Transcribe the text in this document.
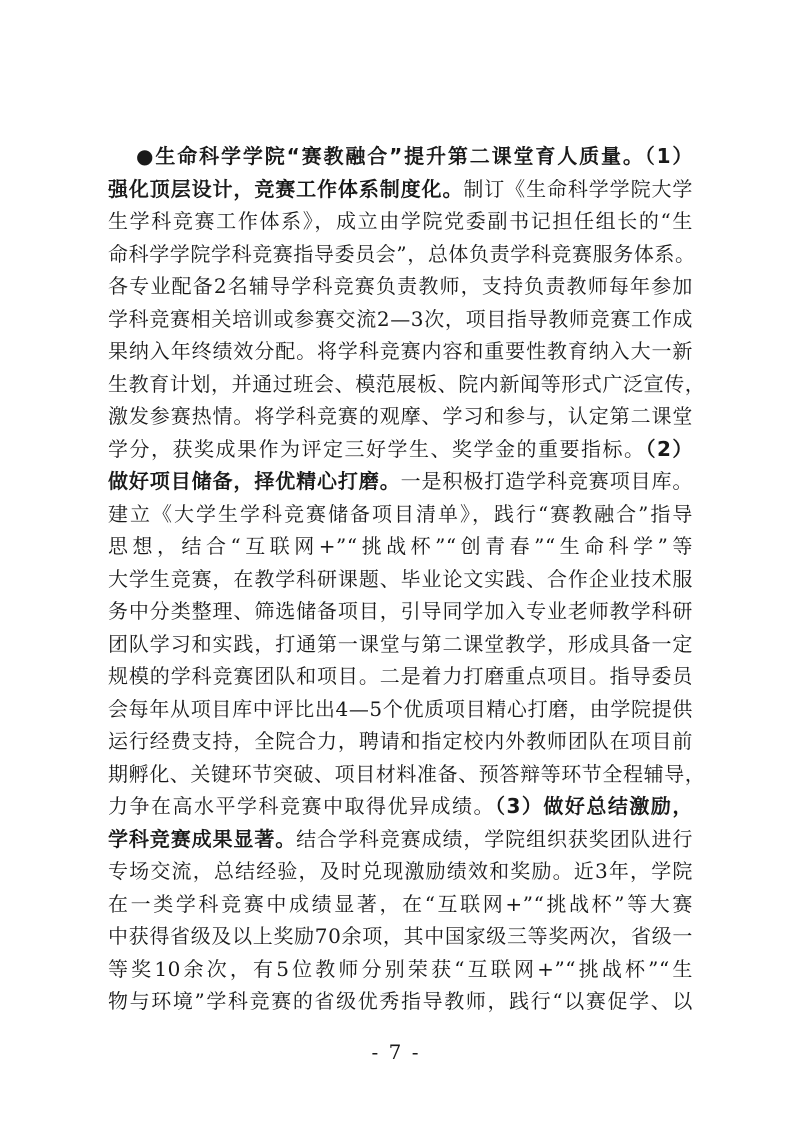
●生命科学学院“赛教融合”提升第二课堂育人质量。（1）
强化顶层设计，竞赛工作体系制度化。制订《生命科学学院大学
生学科竞赛工作体系》，成立由学院党委副书记担任组长的“生
命科学学院学科竞赛指导委员会”，总体负责学科竞赛服务体系。
各专业配备2名辅导学科竞赛负责教师，支持负责教师每年参加
学科竞赛相关培训或参赛交流2—3次，项目指导教师竞赛工作成
果纳入年终绩效分配。将学科竞赛内容和重要性教育纳入大一新
生教育计划，并通过班会、模范展板、院内新闻等形式广泛宣传，
激发参赛热情。将学科竞赛的观摩、学习和参与，认定第二课堂
学分，获奖成果作为评定三好学生、奖学金的重要指标。（2）
做好项目储备，择优精心打磨。一是积极打造学科竞赛项目库。
建立《大学生学科竞赛储备项目清单》，践行“赛教融合”指导
思想，结合“互联网+”“挑战杯”“创青春”“生命科学”等
大学生竞赛，在教学科研课题、毕业论文实践、合作企业技术服
务中分类整理、筛选储备项目，引导同学加入专业老师教学科研
团队学习和实践，打通第一课堂与第二课堂教学，形成具备一定
规模的学科竞赛团队和项目。二是着力打磨重点项目。指导委员
会每年从项目库中评比出4—5个优质项目精心打磨，由学院提供
运行经费支持，全院合力，聘请和指定校内外教师团队在项目前
期孵化、关键环节突破、项目材料准备、预答辩等环节全程辅导，
力争在高水平学科竞赛中取得优异成绩。（3）做好总结激励，
学科竞赛成果显著。结合学科竞赛成绩，学院组织获奖团队进行
专场交流，总结经验，及时兑现激励绩效和奖励。近3年，学院
在一类学科竞赛中成绩显著，在“互联网+”“挑战杯”等大赛
中获得省级及以上奖励70余项，其中国家级三等奖两次，省级一
等奖10余次，有5位教师分别荣获“互联网+”“挑战杯”“生
物与环境”学科竞赛的省级优秀指导教师，践行“以赛促学、以
- 7 -
